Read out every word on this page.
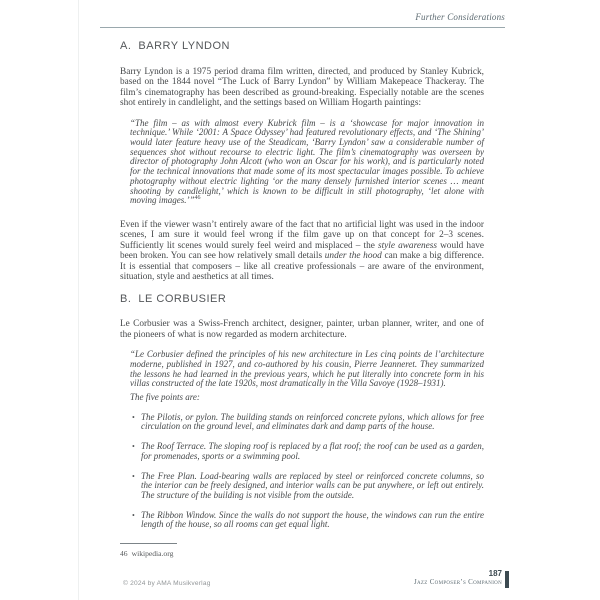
Further Considerations
A. BARRY LYNDON

Barry Lyndon is a 1975 period drama film written, directed, and produced by Stanley Kubrick, based on the 1844 novel “The Luck of Barry Lyndon” by William Makepeace Thackeray. The film’s cinematography has been described as ground-breaking. Especially notable are the scenes shot entirely in candlelight, and the settings based on William Hogarth paintings:

“The film – as with almost every Kubrick film – is a ‘showcase for major innovation in technique.’ While ‘2001: A Space Odyssey’ had featured revolutionary effects, and ‘The Shining’ would later feature heavy use of the Steadicam, ‘Barry Lyndon’ saw a considerable number of sequences shot without recourse to electric light. The film’s cinematography was overseen by director of photography John Alcott (who won an Oscar for his work), and is particularly noted for the technical innovations that made some of its most spectacular images possible. To achieve photography without electric lighting ‘or the many densely furnished interior scenes … meant shooting by candlelight,’ which is known to be difficult in still photography, ‘let alone with moving images.’”$^{46}$

Even if the viewer wasn’t entirely aware of the fact that no artificial light was used in the indoor scenes, I am sure it would feel wrong if the film gave up on that concept for 2–3 scenes. Sufficiently lit scenes would surely feel weird and misplaced – the style awareness would have been broken. You can see how relatively small details under the hood can make a big difference. It is essential that composers – like all creative professionals – are aware of the environment, situation, style and aesthetics at all times.

B. LE CORBUSIER

Le Corbusier was a Swiss-French architect, designer, painter, urban planner, writer, and one of the pioneers of what is now regarded as modern architecture.

“Le Corbusier defined the principles of his new architecture in Les cinq points de l’architecture moderne, published in 1927, and co-authored by his cousin, Pierre Jeanneret. They summarized the lessons he had learned in the previous years, which he put literally into concrete form in his villas constructed of the late 1920s, most dramatically in the Villa Savoye (1928–1931).

The five points are:

• The Pilotis, or pylon. The building stands on reinforced concrete pylons, which allows for free circulation on the ground level, and eliminates dark and damp parts of the house.
• The Roof Terrace. The sloping roof is replaced by a flat roof; the roof can be used as a garden, for promenades, sports or a swimming pool.
• The Free Plan. Load-bearing walls are replaced by steel or reinforced concrete columns, so the interior can be freely designed, and interior walls can be put anywhere, or left out entirely. The structure of the building is not visible from the outside.
• The Ribbon Window. Since the walls do not support the house, the windows can run the entire length of the house, so all rooms can get equal light.
46 wikipedia.org
© 2024 by AMA Musikverlag
187
Jazz Composer’s Companion
